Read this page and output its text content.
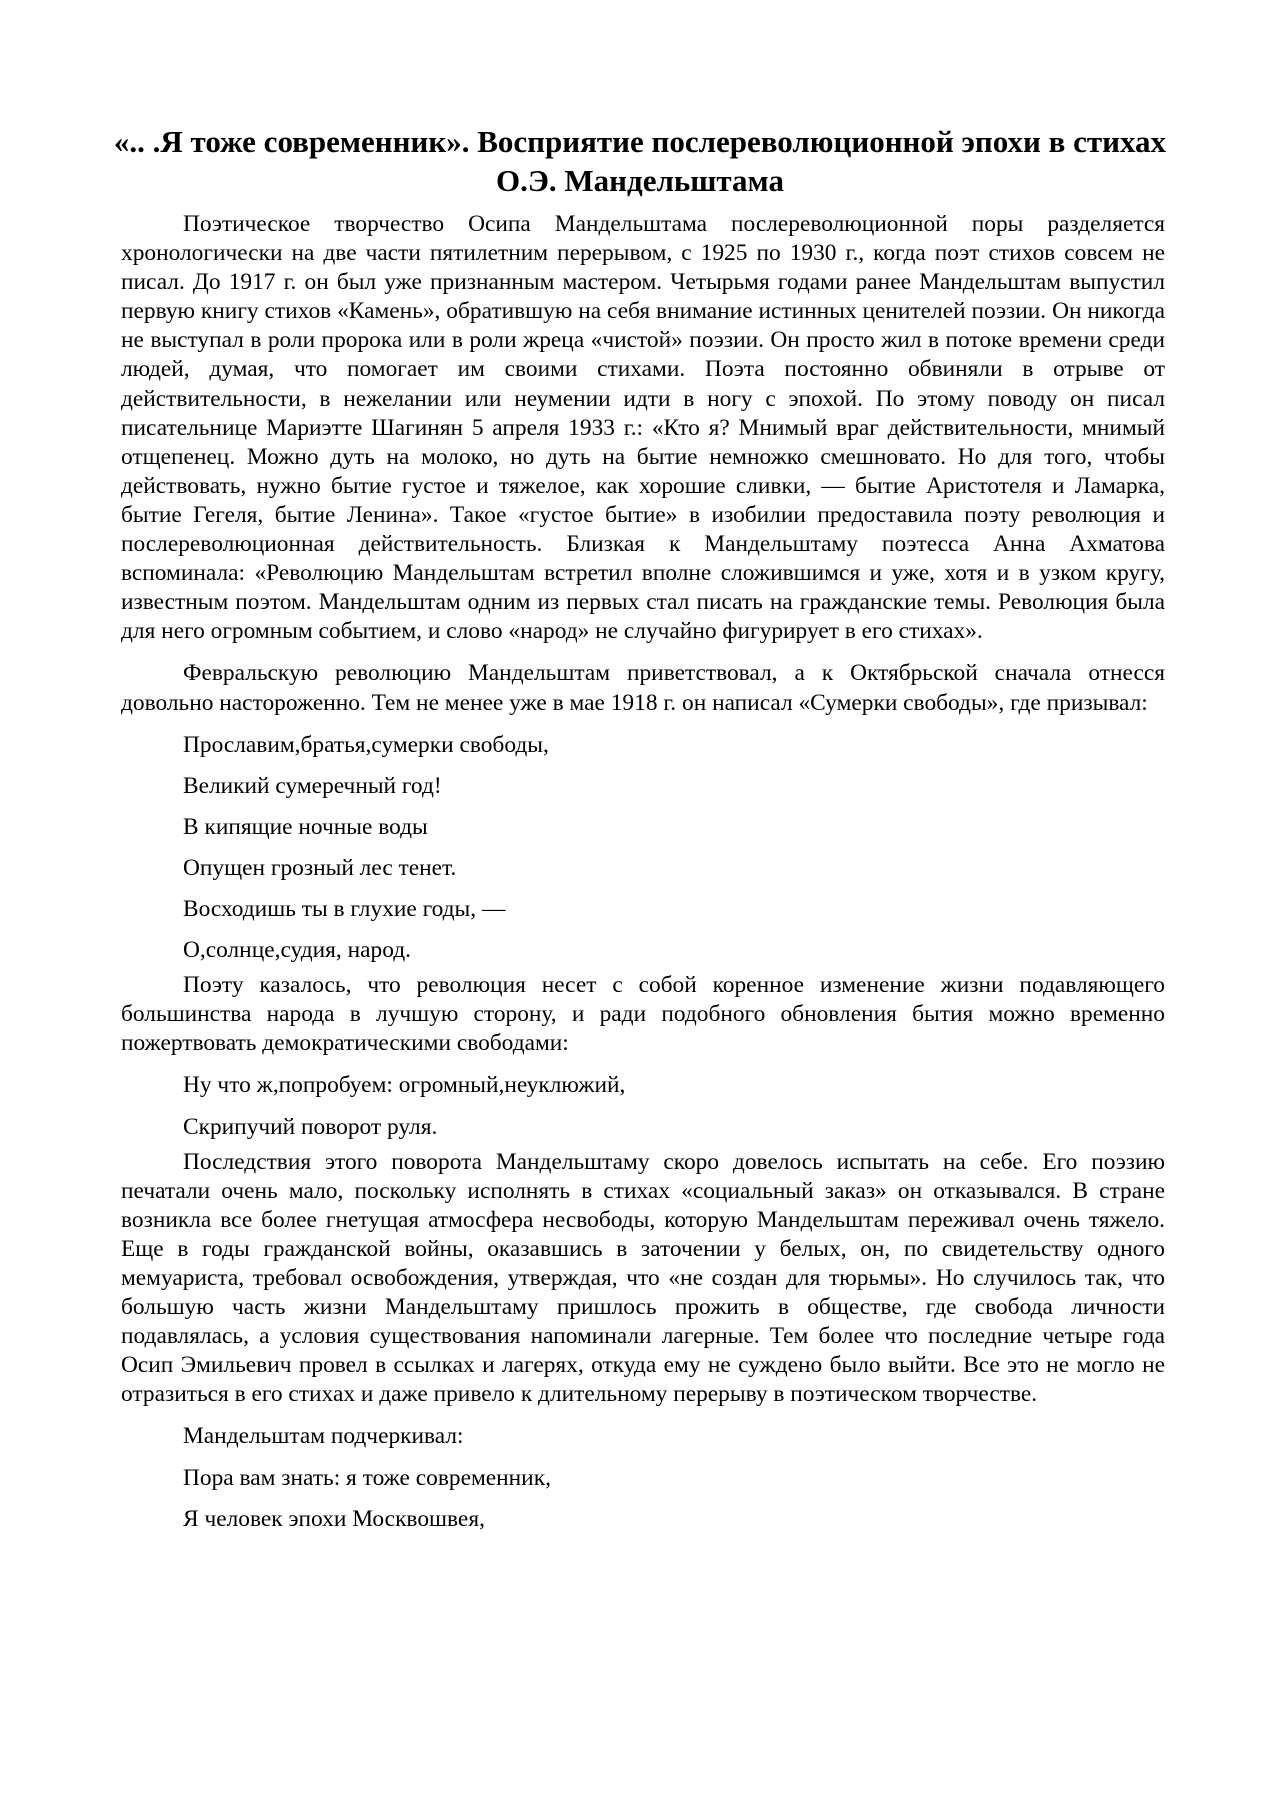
«.. .Я тоже современник». Восприятие послереволюционной эпохи в стихах О.Э. Мандельштама

Поэтическое творчество Осипа Мандельштама послереволюционной поры разделяется хронологически на две части пятилетним перерывом, с 1925 по 1930 г., когда поэт стихов совсем не писал. До 1917 г. он был уже признанным мастером. Четырьмя годами ранее Мандельштам выпустил первую книгу стихов «Камень», обратившую на себя внимание истинных ценителей поэзии. Он никогда не выступал в роли пророка или в роли жреца «чистой» поэзии. Он просто жил в потоке времени среди людей, думая, что помогает им своими стихами. Поэта постоянно обвиняли в отрыве от действительности, в нежелании или неумении идти в ногу с эпохой. По этому поводу он писал писательнице Мариэтте Шагинян 5 апреля 1933 г.: «Кто я? Мнимый враг действительности, мнимый отщепенец. Можно дуть на молоко, но дуть на бытие немножко смешновато. Но для того, чтобы действовать, нужно бытие густое и тяжелое, как хорошие сливки, — бытие Аристотеля и Ламарка, бытие Гегеля, бытие Ленина». Такое «густое бытие» в изобилии предоставила поэту революция и послереволюционная действительность. Близкая к Мандельштаму поэтесса Анна Ахматова вспоминала: «Революцию Мандельштам встретил вполне сложившимся и уже, хотя и в узком кругу, известным поэтом. Мандельштам одним из первых стал писать на гражданские темы. Революция была для него огромным событием, и слово «народ» не случайно фигурирует в его стихах».

Февральскую революцию Мандельштам приветствовал, а к Октябрьской сначала отнесся довольно настороженно. Тем не менее уже в мае 1918 г. он написал «Сумерки свободы», где призывал:

Прославим,братья,сумерки свободы,

Великий сумеречный год!

В кипящие ночные воды

Опущен грозный лес тенет.

Восходишь ты в глухие годы, —

О,солнце,судия, народ.

Поэту казалось, что революция несет с собой коренное изменение жизни подавляющего большинства народа в лучшую сторону, и ради подобного обновления бытия можно временно пожертвовать демократическими свободами:

Ну что ж,попробуем: огромный,неуклюжий,

Скрипучий поворот руля.

Последствия этого поворота Мандельштаму скоро довелось испытать на себе. Его поэзию печатали очень мало, поскольку исполнять в стихах «социальный заказ» он отказывался. В стране возникла все более гнетущая атмосфера несвободы, которую Мандельштам переживал очень тяжело. Еще в годы гражданской войны, оказавшись в заточении у белых, он, по свидетельству одного мемуариста, требовал освобождения, утверждая, что «не создан для тюрьмы». Но случилось так, что большую часть жизни Мандельштаму пришлось прожить в обществе, где свобода личности подавлялась, а условия существования напоминали лагерные. Тем более что последние четыре года Осип Эмильевич провел в ссылках и лагерях, откуда ему не суждено было выйти. Все это не могло не отразиться в его стихах и даже привело к длительному перерыву в поэтическом творчестве.

Мандельштам подчеркивал:

Пора вам знать: я тоже современник,

Я человек эпохи Москвошвея,
